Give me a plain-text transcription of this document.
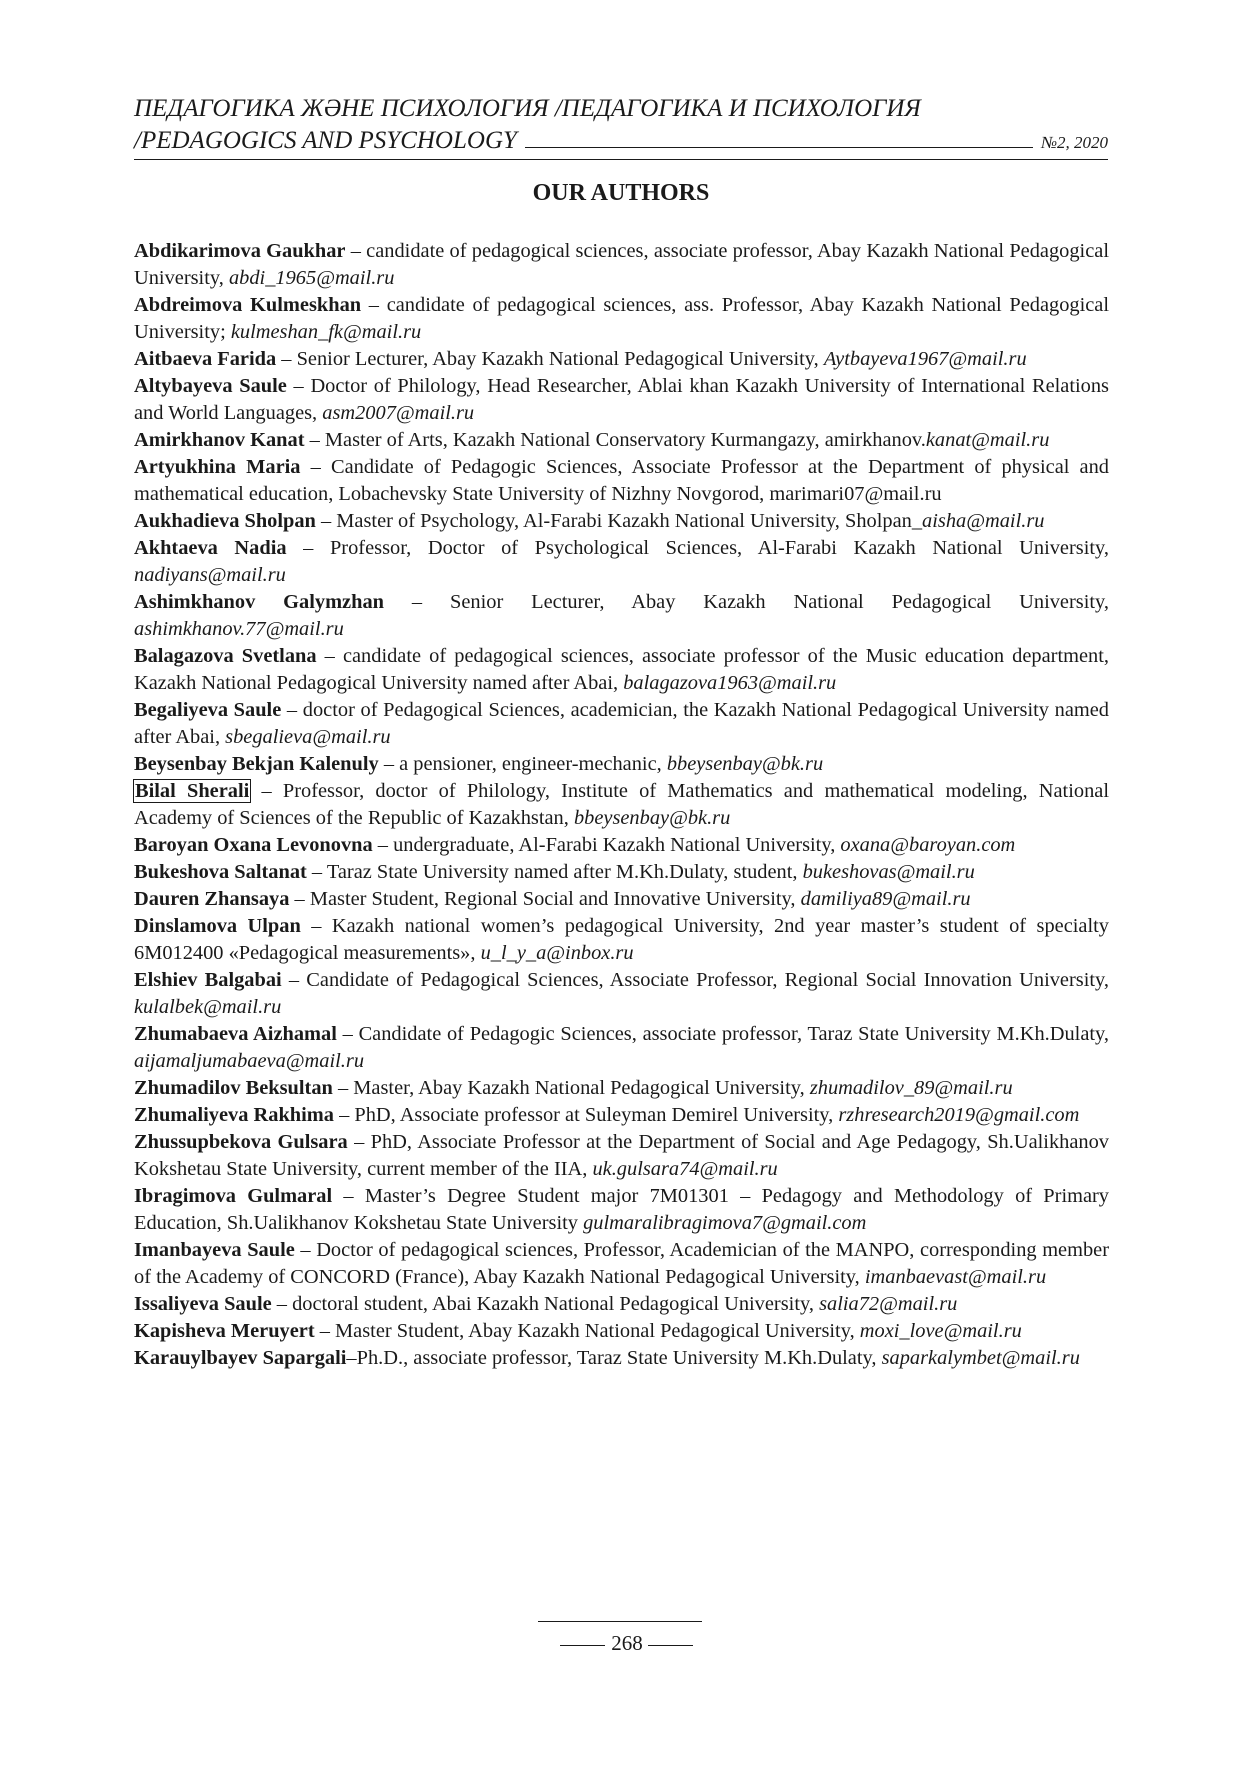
ПЕДАГОГИКА ЖӘНЕ ПСИХОЛОГИЯ /ПЕДАГОГИКА И ПСИХОЛОГИЯ
/PEDAGOGICS AND PSYCHOLOGY	№2, 2020
OUR AUTHORS

Abdikarimova Gaukhar – candidate of pedagogical sciences, associate professor, Abay Kazakh National Pedagogical University, abdi_1965@mail.ru

Abdreimova Kulmeskhan – candidate of pedagogical sciences, ass. Professor, Abay Kazakh National Pedagogical University; kulmeshan_fk@mail.ru

Aitbaeva Farida – Senior Lecturer, Abay Kazakh National Pedagogical University, Aytbayeva1967@mail.ru

Altybayeva Saule – Doctor of Philology, Head Researcher, Ablai khan Kazakh University of International Relations and World Languages, asm2007@mail.ru

Amirkhanov Kanat – Master of Arts, Kazakh National Conservatory Kurmangazy, amirkhanov.kanat@mail.ru

Artyukhina Maria – Candidate of Pedagogic Sciences, Associate Professor at the Department of physical and mathematical education, Lobachevsky State University of Nizhny Novgorod, marimari07@mail.ru

Aukhadieva Sholpan – Master of Psychology, Al-Farabi Kazakh National University, Sholpan_aisha@mail.ru

Akhtaeva Nadia – Professor, Doctor of Psychological Sciences, Al-Farabi Kazakh National University, nadiyans@mail.ru

Ashimkhanov Galymzhan – Senior Lecturer, Abay Kazakh National Pedagogical University, ashimkhanov.77@mail.ru

Balagazova Svetlana – candidate of pedagogical sciences, associate professor of the Music education department, Kazakh National Pedagogical University named after Abai, balagazova1963@mail.ru

Begaliyeva Saule – doctor of Pedagogical Sciences, academician, the Kazakh National Pedagogical University named after Abai, sbegalieva@mail.ru

Beysenbay Bekjan Kalenuly – a pensioner, engineer-mechanic, bbeysenbay@bk.ru

Bilal Sherali – Professor, doctor of Philology, Institute of Mathematics and mathematical modeling, National Academy of Sciences of the Republic of Kazakhstan, bbeysenbay@bk.ru

Baroyan Oxana Levonovna – undergraduate, Al-Farabi Kazakh National University, oxana@baroyan.com

Bukeshova Saltanat – Taraz State University named after M.Kh.Dulaty, student, bukeshovas@mail.ru

Dauren Zhansaya – Master Student, Regional Social and Innovative University, damiliya89@mail.ru

Dinslamova Ulpan – Kazakh national women’s pedagogical University, 2nd year master’s student of specialty 6M012400 «Pedagogical measurements», u_l_y_a@inbox.ru

Elshiev Balgabai – Candidate of Pedagogical Sciences, Associate Professor, Regional Social Innovation University, kulalbek@mail.ru

Zhumabaeva Aizhamal – Candidate of Pedagogic Sciences, associate professor, Taraz State University M.Kh.Dulaty, aijamaljumabaeva@mail.ru

Zhumadilov Beksultan – Master, Abay Kazakh National Pedagogical University, zhumadilov_89@mail.ru

Zhumaliyeva Rakhima – PhD, Associate professor at Suleyman Demirel University, rzhresearch2019@gmail.com

Zhussupbekova Gulsara – PhD, Associate Professor at the Department of Social and Age Pedagogy, Sh.Ualikhanov Kokshetau State University, current member of the IIA, uk.gulsara74@mail.ru

Ibragimova Gulmaral – Master’s Degree Student major 7M01301 – Pedagogy and Methodology of Primary Education, Sh.Ualikhanov Kokshetau State University gulmaralibragimova7@gmail.com

Imanbayeva Saule – Doctor of pedagogical sciences, Professor, Academician of the MANPO, corresponding member of the Academy of CONCORD (France), Abay Kazakh National Pedagogical University, imanbaevast@mail.ru

Issaliyeva Saule – doctoral student, Abai Kazakh National Pedagogical University, salia72@mail.ru

Kapisheva Meruyert – Master Student, Abay Kazakh National Pedagogical University, moxi_love@mail.ru

Karauylbayev Sapargali–Ph.D., associate professor, Taraz State University M.Kh.Dulaty, saparkalymbet@mail.ru

268
